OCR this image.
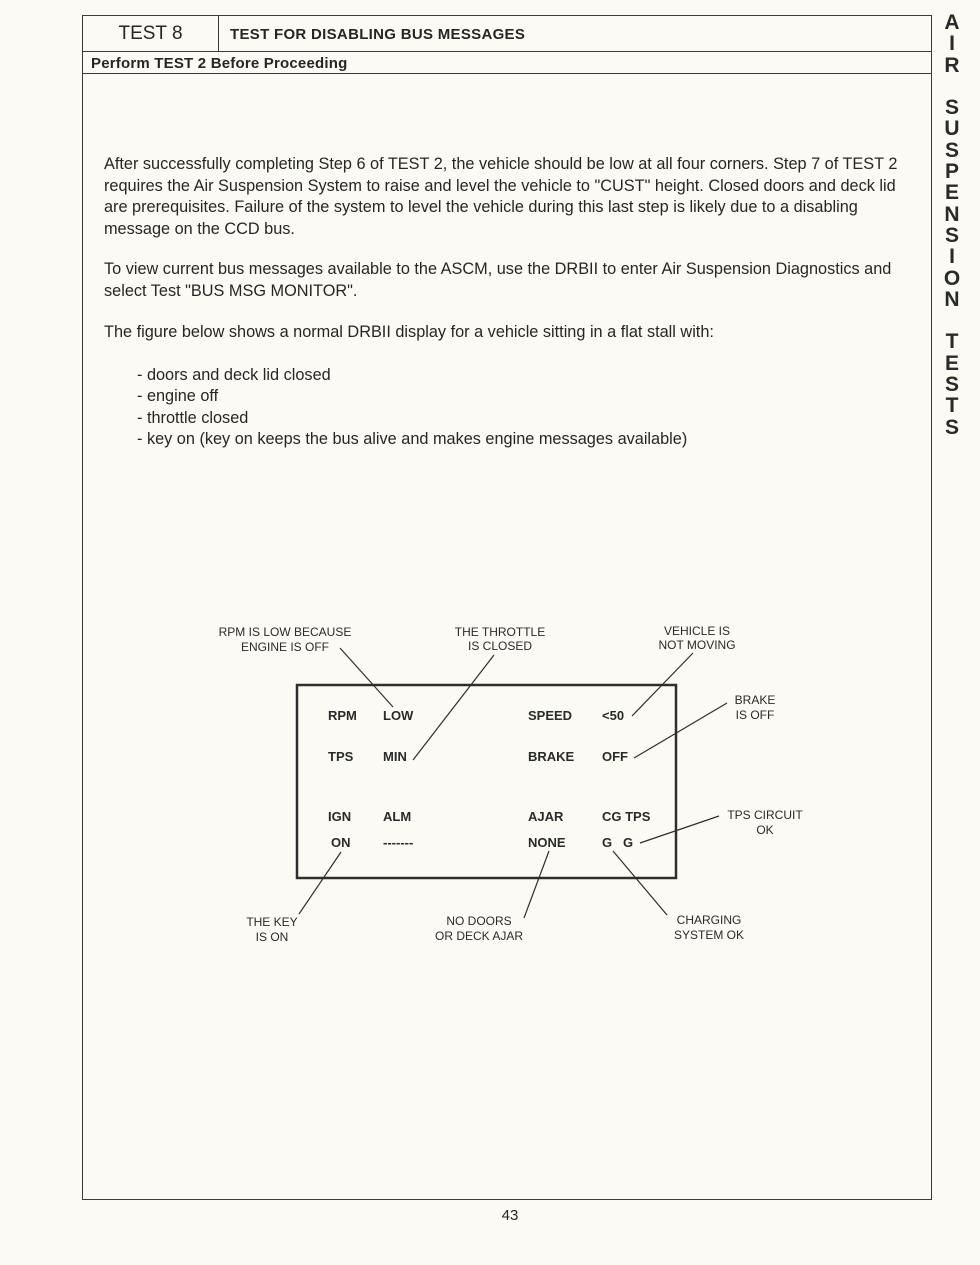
TEST 8	TEST FOR DISABLING BUS MESSAGES
Perform TEST 2 Before Proceeding

After successfully completing Step 6 of TEST 2, the vehicle should be low at all four corners. Step 7 of TEST 2 requires the Air Suspension System to raise and level the vehicle to "CUST" height. Closed doors and deck lid are prerequisites. Failure of the system to level the vehicle during this last step is likely due to a disabling message on the CCD bus.

To view current bus messages available to the ASCM, use the DRBII to enter Air Suspension Diagnostics and select Test "BUS MSG MONITOR".

The figure below shows a normal DRBII display for a vehicle sitting in a flat stall with:

- doors and deck lid closed
- engine off
- throttle closed
- key on (key on keeps the bus alive and makes engine messages available)
RPM LOW	SPEED <50
TPS MIN	BRAKE OFF
IGN ALM	AJAR	CG TPS
ON	-------	NONE	G   G
RPM IS LOW BECAUSE
ENGINE IS OFF
THE THROTTLE
IS CLOSED
VEHICLE IS
NOT MOVING
BRAKE
IS OFF
TPS CIRCUIT
OK
THE KEY
IS ON
NO DOORS
OR DECK AJAR
CHARGING
SYSTEM OK
A
I
R
S
U
S
P
E
N
S
I
O
N
T
E
S
T
S
43
